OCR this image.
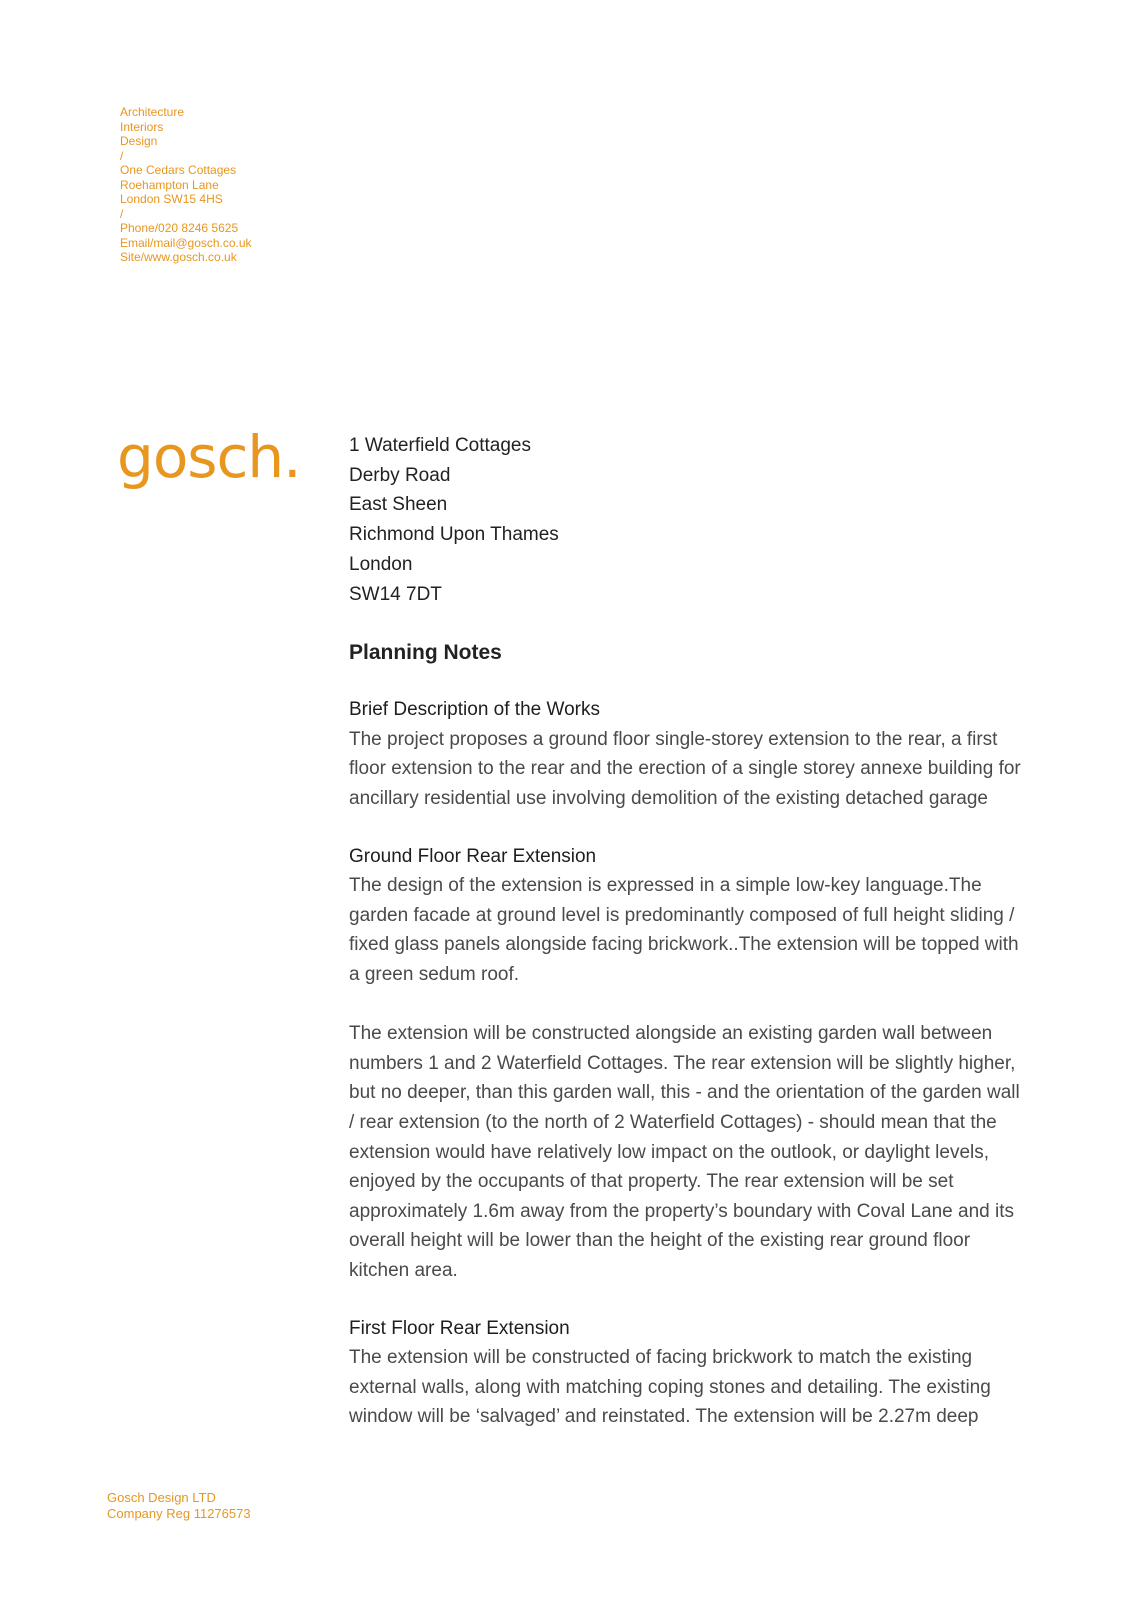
Architecture
Interiors
Design
/
One Cedars Cottages
Roehampton Lane
London SW15 4HS
/
Phone/020 8246 5625
Email/mail@gosch.co.uk
Site/www.gosch.co.uk
gosch.	1 Waterfield Cottages
Derby Road
East Sheen
Richmond Upon Thames
London
SW14 7DT
Planning Notes
Brief Description of the Works
The project proposes a ground floor single-storey extension to the rear, a first floor extension to the rear and the erection of a single storey annexe building for ancillary residential use involving demolition of the existing detached garage
Ground Floor Rear Extension
The design of the extension is expressed in a simple low-key language.The garden facade at ground level is predominantly composed of full height sliding / fixed glass panels alongside facing brickwork..The extension will be topped with a green sedum roof.
The extension will be constructed alongside an existing garden wall between numbers 1 and 2 Waterfield Cottages. The rear extension will be slightly higher, but no deeper, than this garden wall, this - and the orientation of the garden wall / rear extension (to the north of 2 Waterfield Cottages) - should mean that the extension would have relatively low impact on the outlook, or daylight levels, enjoyed by the occupants of that property. The rear extension will be set approximately 1.6m away from the property’s boundary with Coval Lane and its overall height will be lower than the height of the existing rear ground floor kitchen area.
First Floor Rear Extension
The extension will be constructed of facing brickwork to match the existing external walls, along with matching coping stones and detailing. The existing window will be ‘salvaged’ and reinstated. The extension will be 2.27m deep
Gosch Design LTD
Company Reg 11276573
